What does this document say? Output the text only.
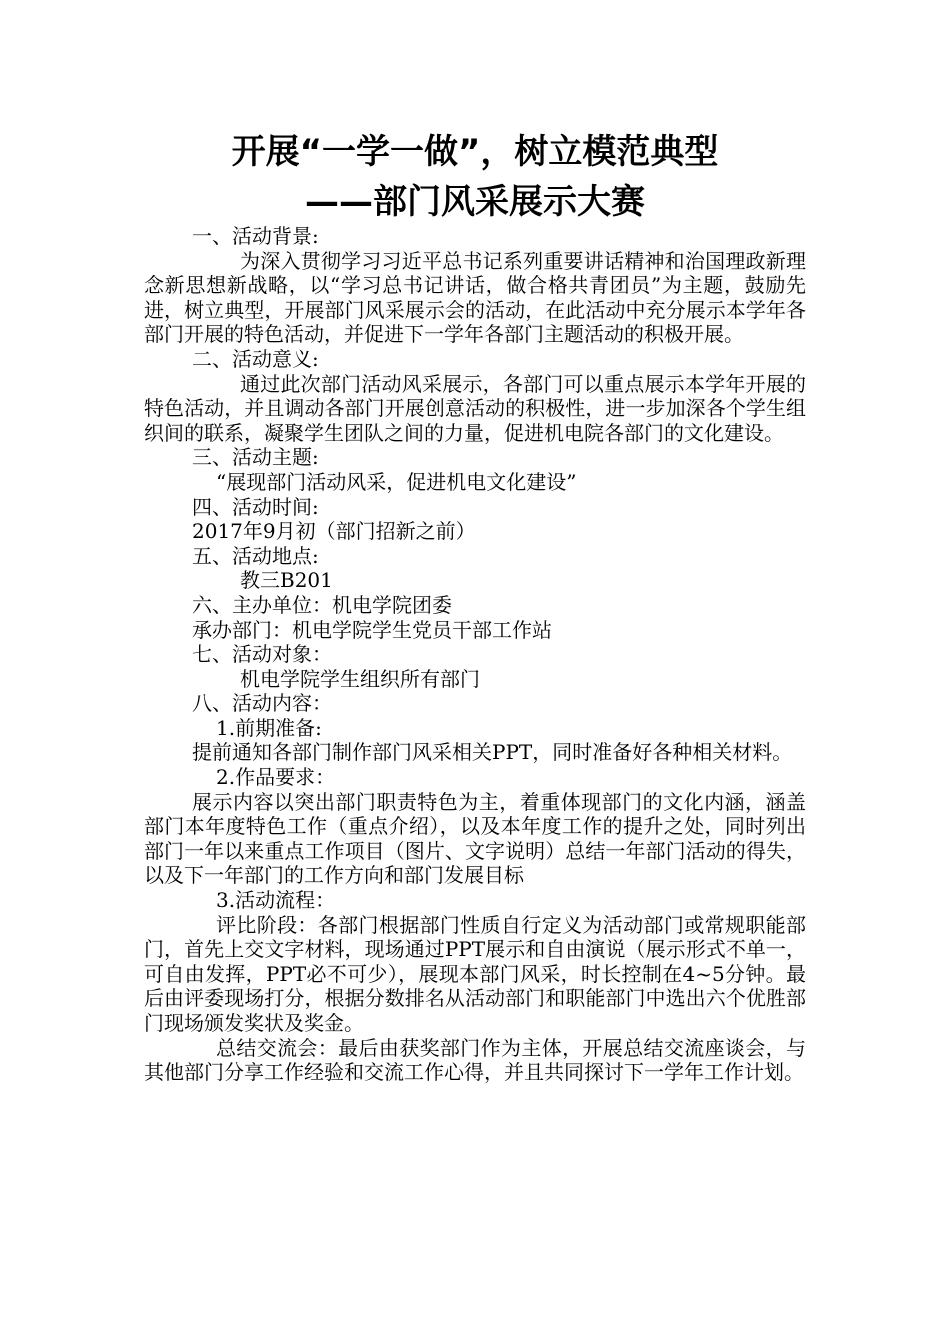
开展“一学一做”，树立模范典型
——部门风采展示大赛

一、活动背景:

为深入贯彻学习习近平总书记系列重要讲话精神和治国理政新理念新思想新战略，以“学习总书记讲话，做合格共青团员”为主题，鼓励先进，树立典型，开展部门风采展示会的活动，在此活动中充分展示本学年各部门开展的特色活动，并促进下一学年各部门主题活动的积极开展。

二、活动意义:

通过此次部门活动风采展示，各部门可以重点展示本学年开展的特色活动，并且调动各部门开展创意活动的积极性，进一步加深各个学生组织间的联系，凝聚学生团队之间的力量，促进机电院各部门的文化建设。

三、活动主题:

“展现部门活动风采，促进机电文化建设”

四、活动时间:

2017年9月初（部门招新之前）

五、活动地点:

教三B201

六、主办单位：机电学院团委

承办部门：机电学院学生党员干部工作站

七、活动对象：

机电学院学生组织所有部门

八、活动内容：

1.前期准备:

提前通知各部门制作部门风采相关PPT，同时准备好各种相关材料。

2.作品要求：

展示内容以突出部门职责特色为主，着重体现部门的文化内涵，涵盖部门本年度特色工作（重点介绍），以及本年度工作的提升之处，同时列出部门一年以来重点工作项目（图片、文字说明）总结一年部门活动的得失，以及下一年部门的工作方向和部门发展目标

3.活动流程：

评比阶段：各部门根据部门性质自行定义为活动部门或常规职能部门，首先上交文字材料，现场通过PPT展示和自由演说（展示形式不单一，可自由发挥，PPT必不可少），展现本部门风采，时长控制在4~5分钟。最后由评委现场打分，根据分数排名从活动部门和职能部门中选出六个优胜部门现场颁发奖状及奖金。

总结交流会：最后由获奖部门作为主体，开展总结交流座谈会，与其他部门分享工作经验和交流工作心得，并且共同探讨下一学年工作计划。
